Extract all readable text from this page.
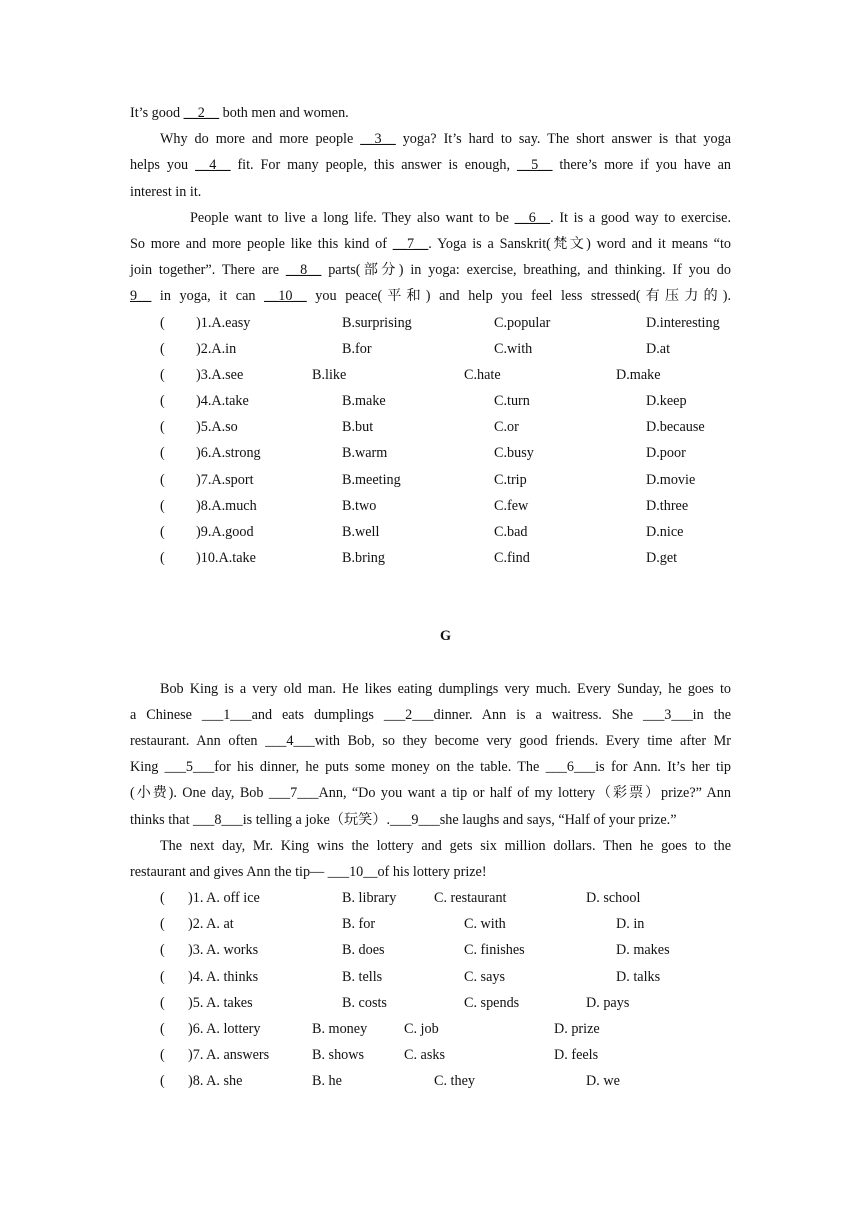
It’s good __2__ both men and women.
Why do more and more people __3__ yoga? It’s hard to say. The short answer is that yoga
helps you __4__ fit. For many people, this answer is enough, __5__ there’s more if you have an
interest in it.
People want to live a long life. They also want to be __6__. It is a good way to exercise.
So more and more people like this kind of __7__. Yoga is a Sanskrit(梵文) word and it means “to
join together”. There are __8__ parts(部分) in yoga: exercise, breathing, and thinking. If you do
9__ in yoga, it can __10__ you peace(平和) and help you feel less stressed(有压力的).
( )1.A.easy	B.surprising	C.popular	D.interesting
( )2.A.in	B.for	C.with	D.at
( )3.A.see	B.like	C.hate	D.make
( )4.A.take	B.make	C.turn	D.keep
( )5.A.so	B.but	C.or	D.because
( )6.A.strong	B.warm	C.busy	D.poor
( )7.A.sport	B.meeting	C.trip	D.movie
( )8.A.much	B.two	C.few	D.three
( )9.A.good	B.well	C.bad	D.nice
( )10.A.take	B.bring	C.find	D.get
G
Bob King is a very old man. He likes eating dumplings very much. Every Sunday, he goes to
a Chinese ___1___and eats dumplings ___2___dinner. Ann is a waitress. She ___3___in the
restaurant. Ann often ___4___with Bob, so they become very good friends. Every time after Mr
King ___5___for his dinner, he puts some money on the table. The ___6___is for Ann. It’s her tip
(小费). One day, Bob ___7___Ann, “Do you want a tip or half of my lottery（彩票）prize?” Ann
thinks that ___8___is telling a joke（玩笑）.___9___she laughs and says, “Half of your prize.”
The next day, Mr. King wins the lottery and gets six million dollars. Then he goes to the
restaurant and gives Ann the tip— ___10__of his lottery prize!
( )1. A. off ice	B. library	C. restaurant	D. school
( )2. A. at	B. for	C. with	D. in
( )3. A. works	B. does	C. finishes	D. makes
( )4. A. thinks	B. tells	C. says	D. talks
( )5. A. takes	B. costs	C. spends	D. pays
( )6. A. lottery	B. money	C. job	D. prize
( )7. A. answers	B. shows	C. asks	D. feels
( )8. A. she	B. he	C. they	D. we
